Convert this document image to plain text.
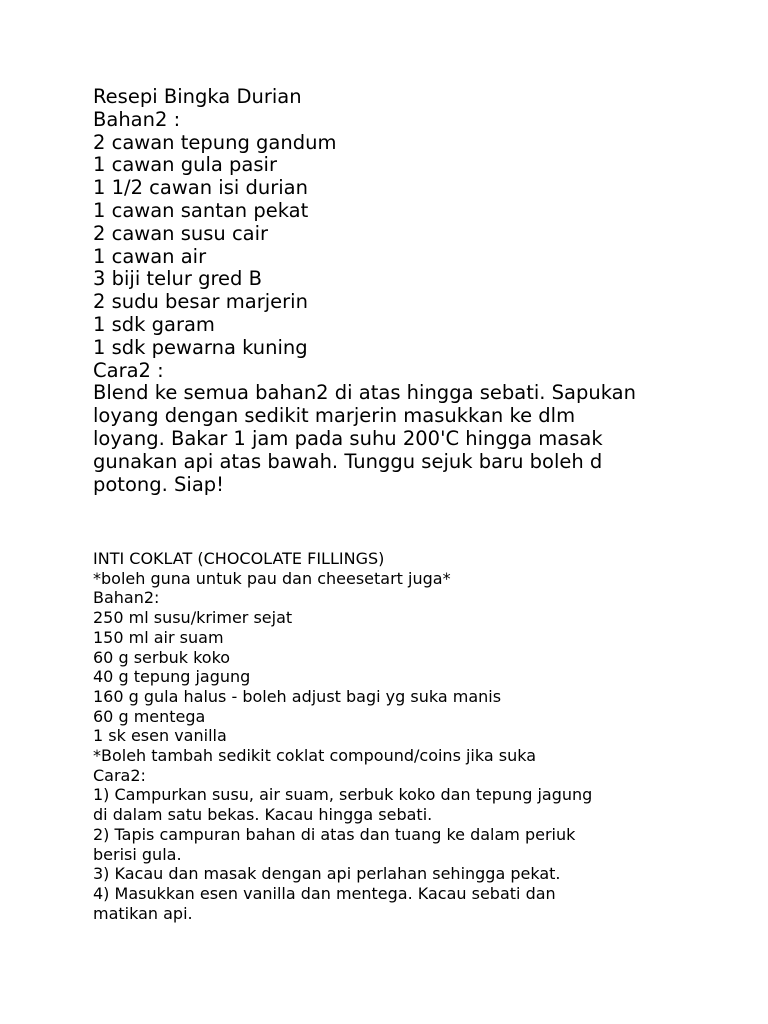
Resepi Bingka Durian
Bahan2 :
2 cawan tepung gandum
1 cawan gula pasir
1 1/2 cawan isi durian
1 cawan santan pekat
2 cawan susu cair
1 cawan air
3 biji telur gred B
2 sudu besar marjerin
1 sdk garam
1 sdk pewarna kuning
Cara2 :
Blend ke semua bahan2 di atas hingga sebati. Sapukan
loyang dengan sedikit marjerin masukkan ke dlm
loyang. Bakar 1 jam pada suhu 200'C hingga masak
gunakan api atas bawah. Tunggu sejuk baru boleh d
potong. Siap!
INTI COKLAT (CHOCOLATE FILLINGS)
*boleh guna untuk pau dan cheesetart juga*
Bahan2:
250 ml susu/krimer sejat
150 ml air suam
60 g serbuk koko
40 g tepung jagung
160 g gula halus - boleh adjust bagi yg suka manis
60 g mentega
1 sk esen vanilla
*Boleh tambah sedikit coklat compound/coins jika suka
Cara2:
1) Campurkan susu, air suam, serbuk koko dan tepung jagung
di dalam satu bekas. Kacau hingga sebati.
2) Tapis campuran bahan di atas dan tuang ke dalam periuk
berisi gula.
3) Kacau dan masak dengan api perlahan sehingga pekat.
4) Masukkan esen vanilla dan mentega. Kacau sebati dan
matikan api.
